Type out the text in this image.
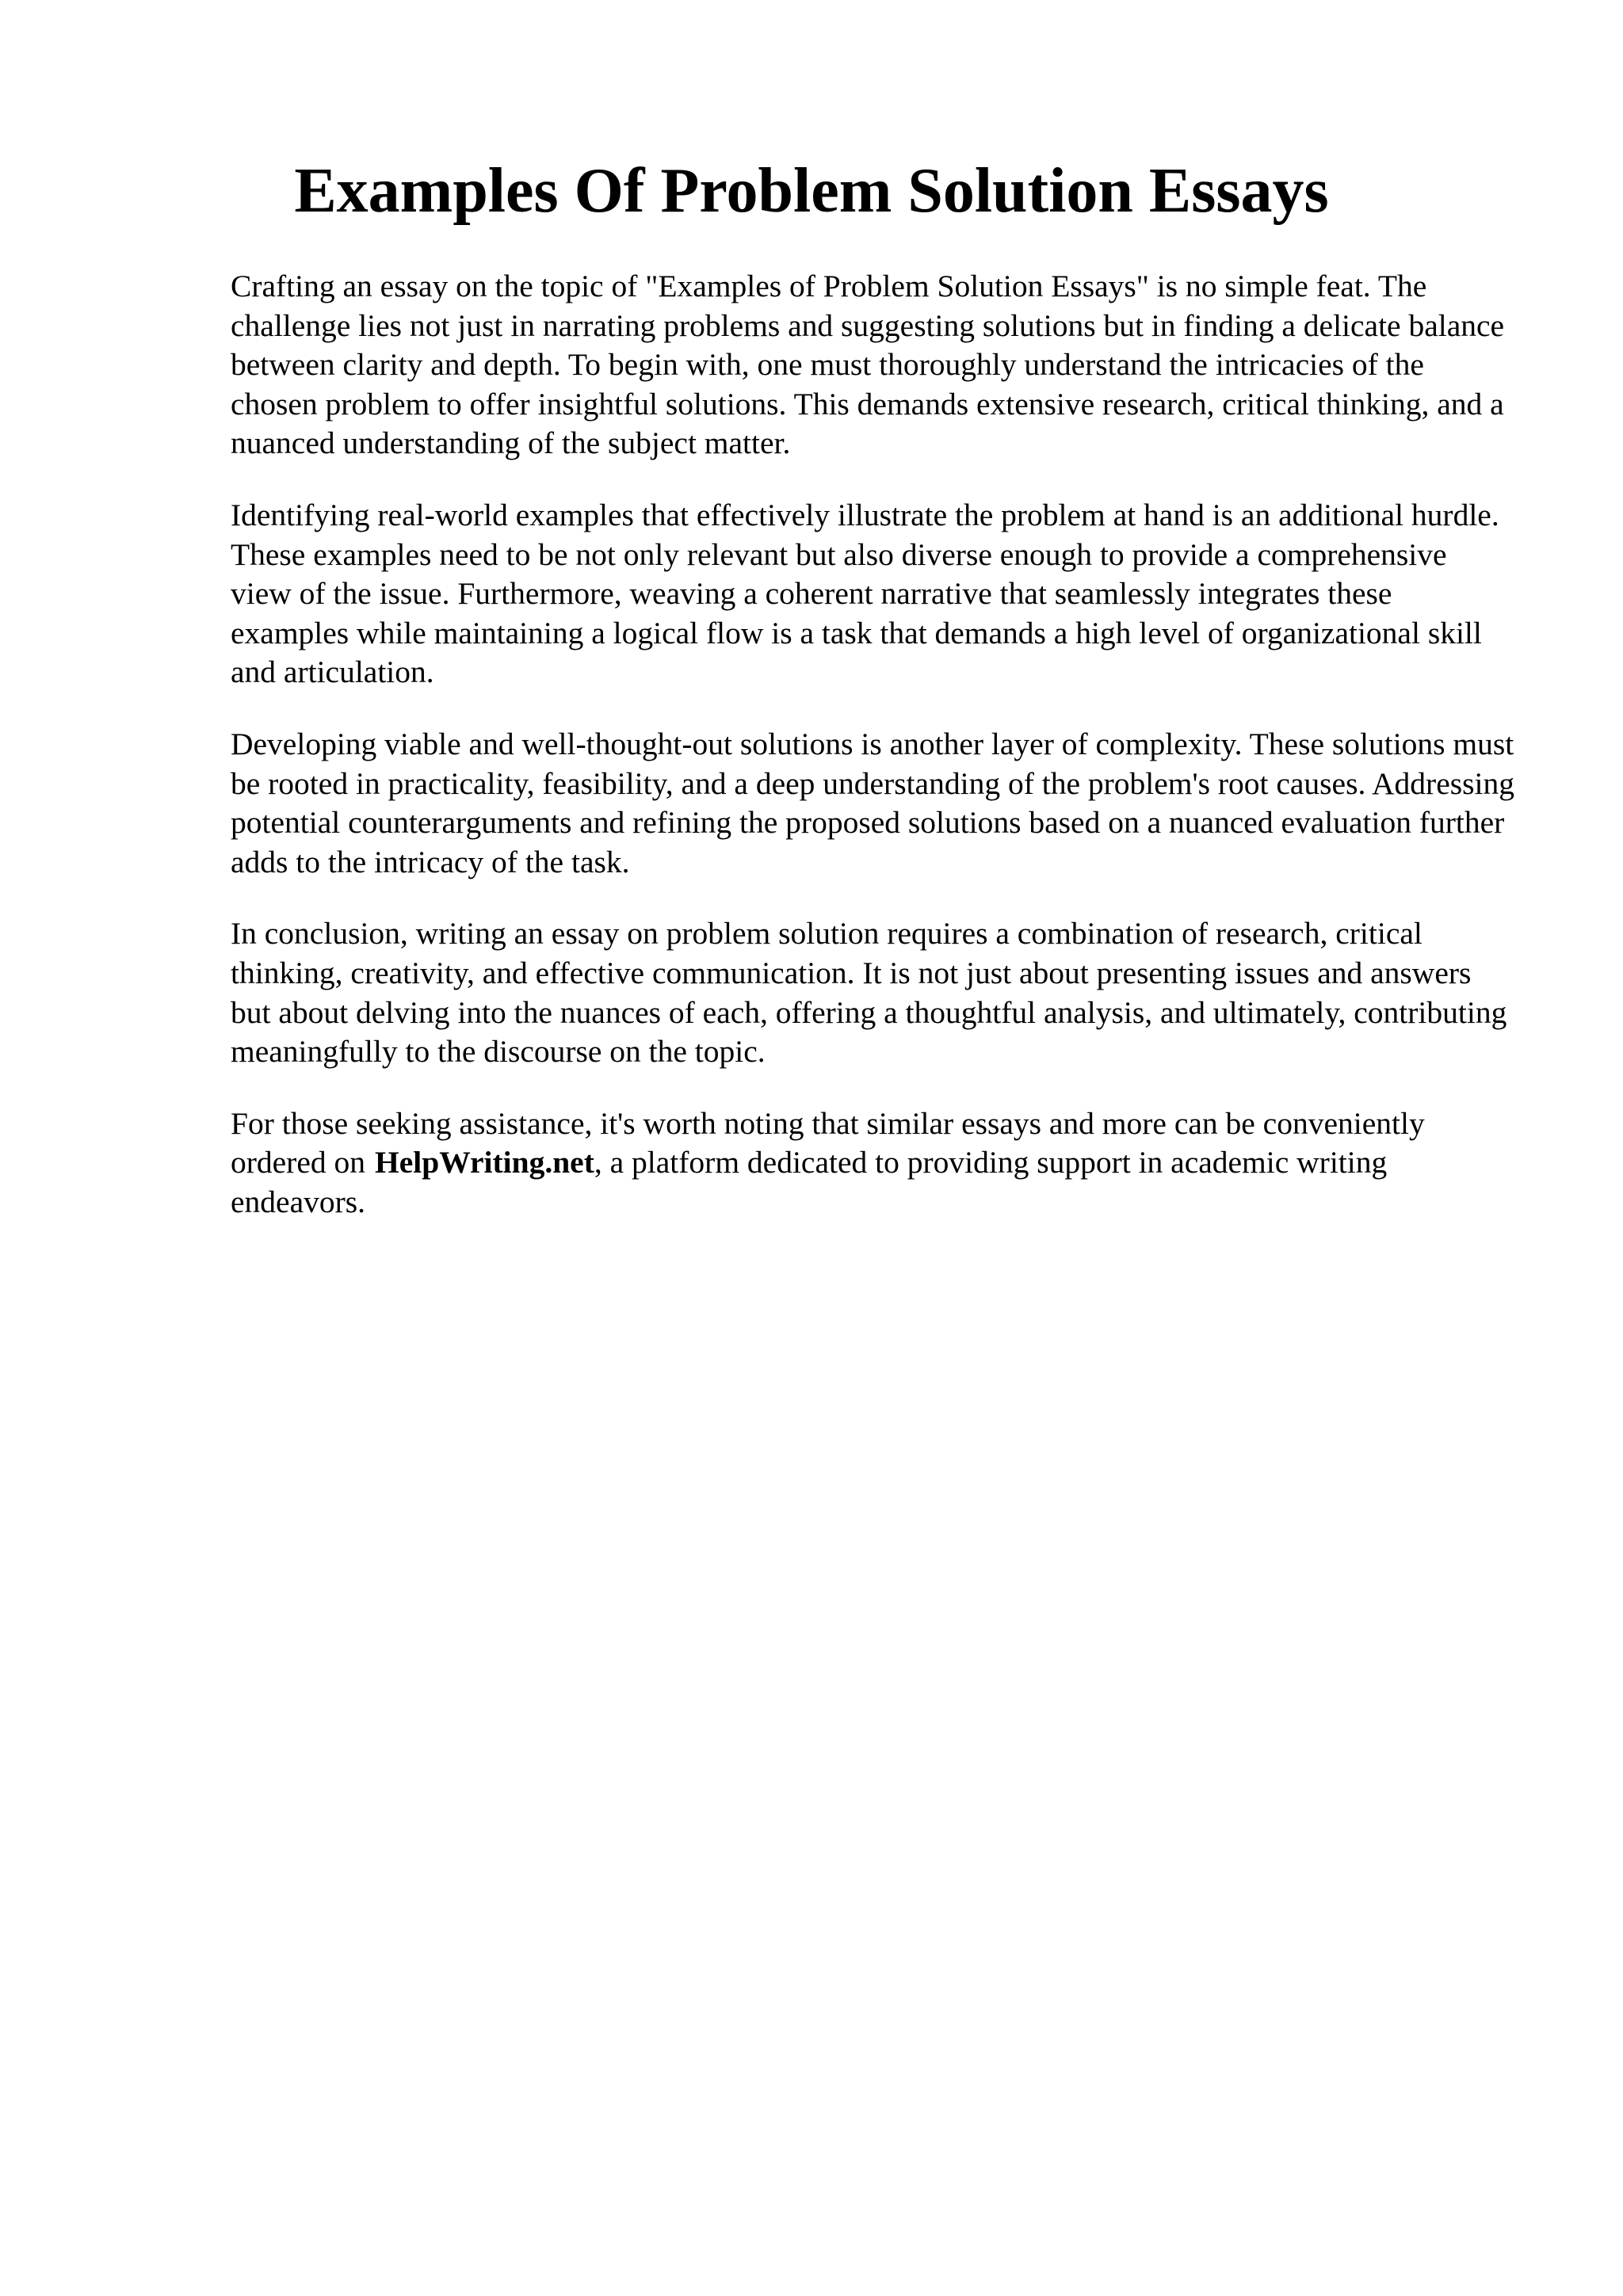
Examples Of Problem Solution Essays

Crafting an essay on the topic of "Examples of Problem Solution Essays" is no simple feat. The challenge lies not just in narrating problems and suggesting solutions but in finding a delicate balance between clarity and depth. To begin with, one must thoroughly understand the intricacies of the chosen problem to offer insightful solutions. This demands extensive research, critical thinking, and a nuanced understanding of the subject matter.

Identifying real-world examples that effectively illustrate the problem at hand is an additional hurdle. These examples need to be not only relevant but also diverse enough to provide a comprehensive view of the issue. Furthermore, weaving a coherent narrative that seamlessly integrates these examples while maintaining a logical flow is a task that demands a high level of organizational skill and articulation.

Developing viable and well-thought-out solutions is another layer of complexity. These solutions must be rooted in practicality, feasibility, and a deep understanding of the problem's root causes. Addressing potential counterarguments and refining the proposed solutions based on a nuanced evaluation further adds to the intricacy of the task.

In conclusion, writing an essay on problem solution requires a combination of research, critical thinking, creativity, and effective communication. It is not just about presenting issues and answers but about delving into the nuances of each, offering a thoughtful analysis, and ultimately, contributing meaningfully to the discourse on the topic.

For those seeking assistance, it's worth noting that similar essays and more can be conveniently ordered on HelpWriting.net, a platform dedicated to providing support in academic writing endeavors.
